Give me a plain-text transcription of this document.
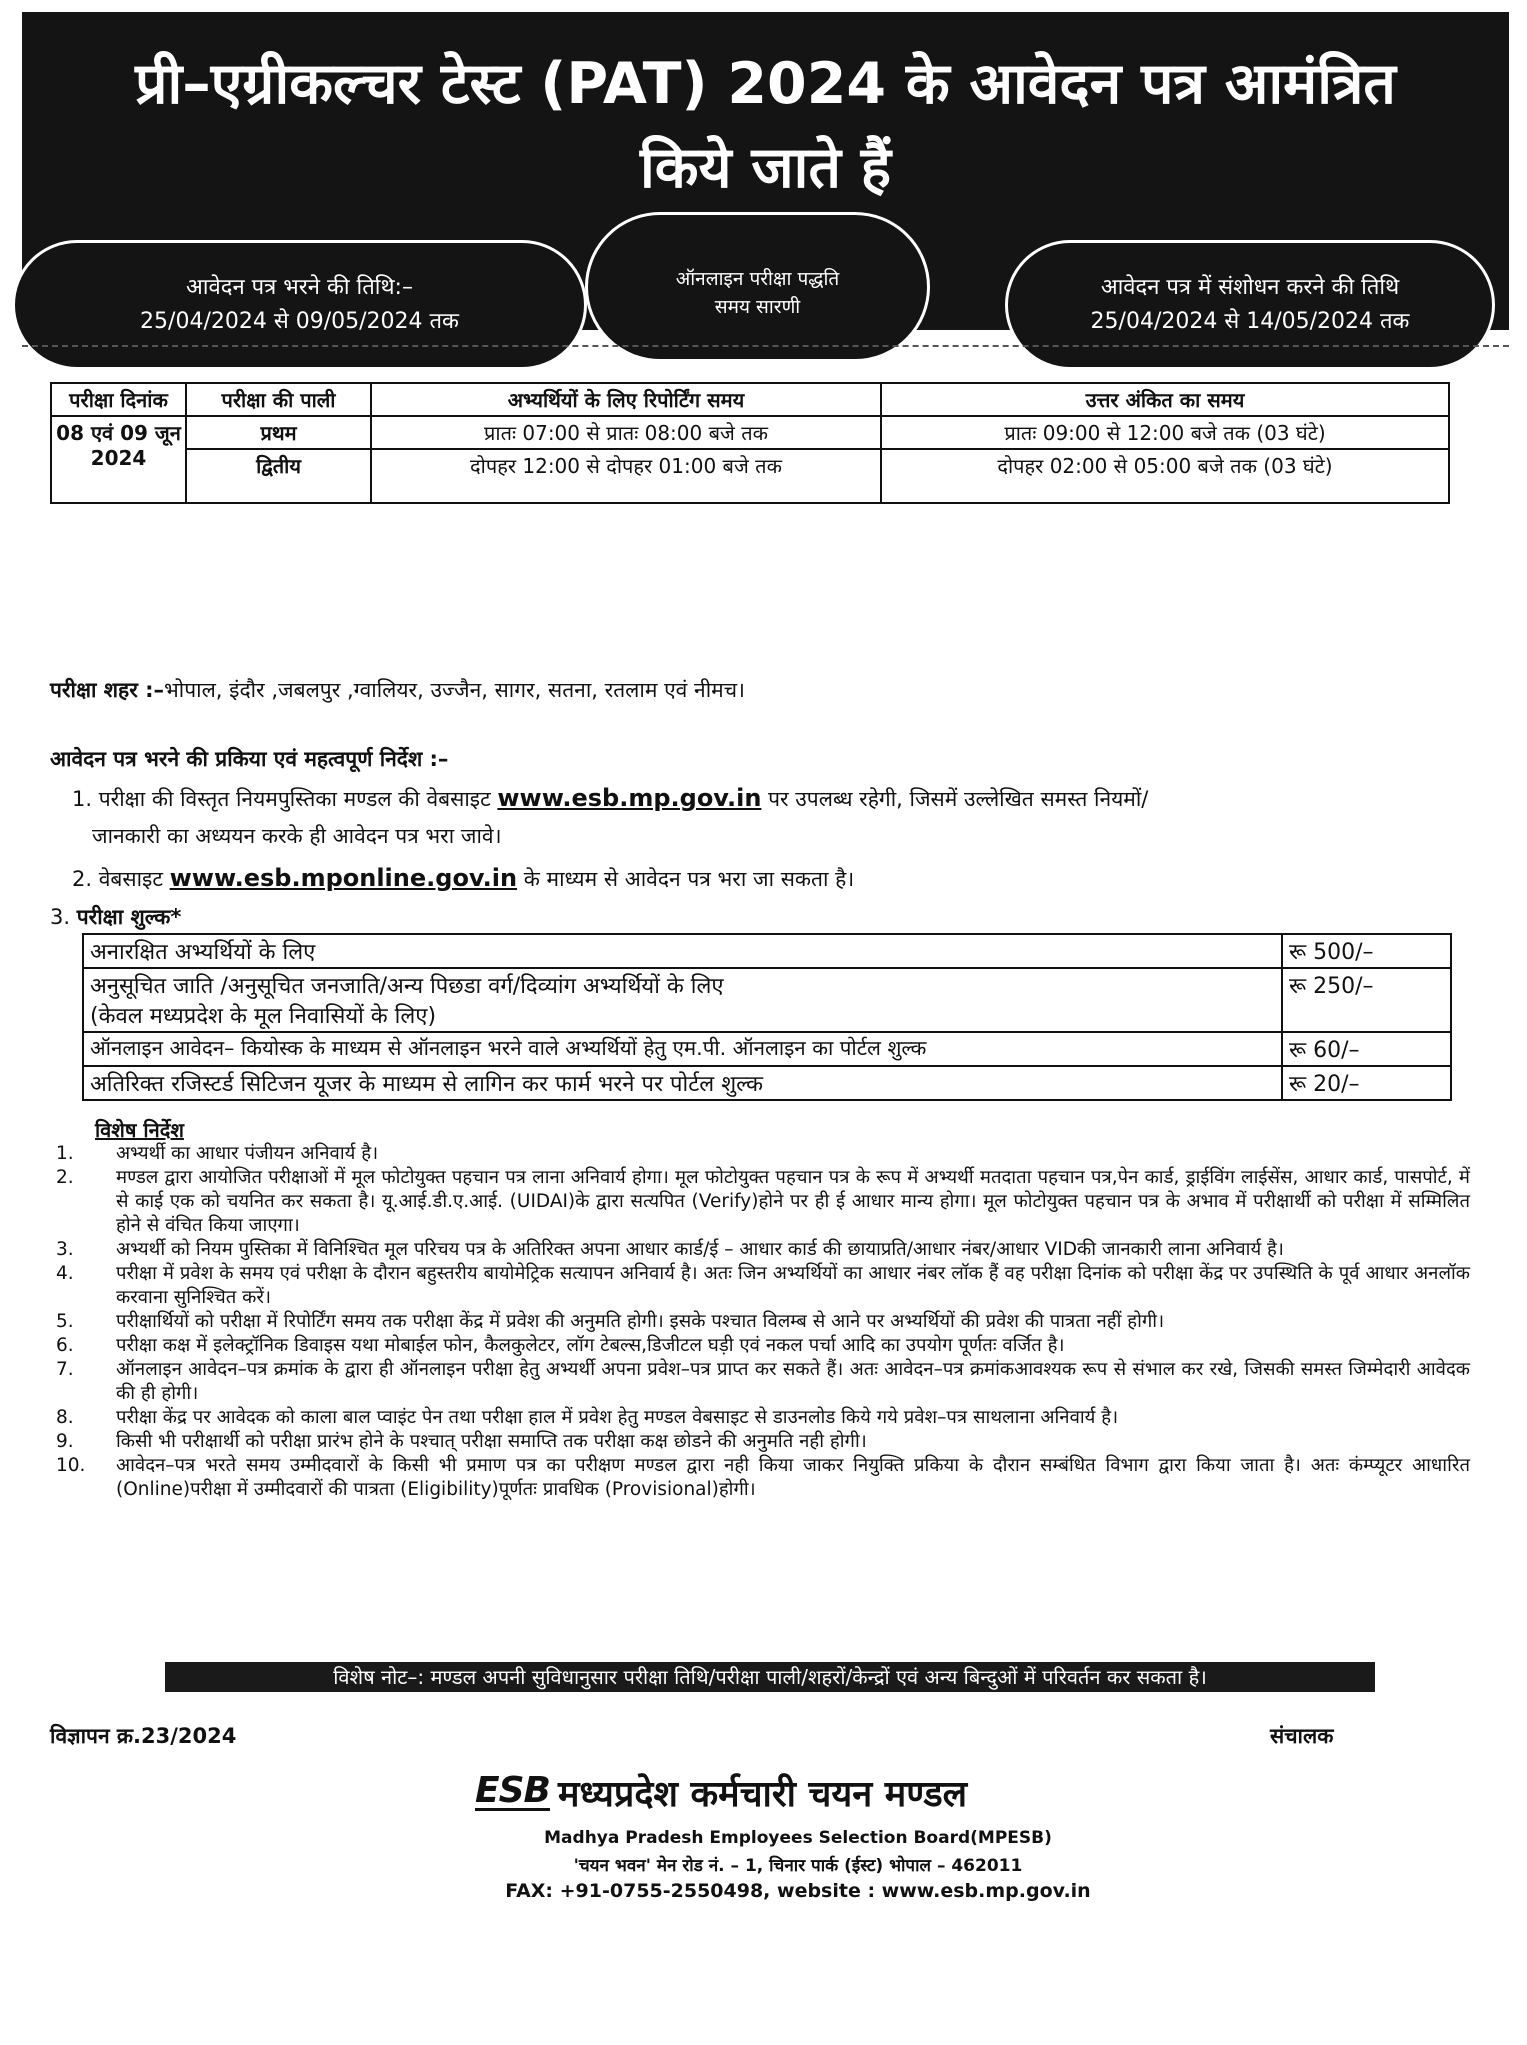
प्री–एग्रीकल्चर टेस्ट (PAT) 2024 के आवेदन पत्र आमंत्रित
किये जाते हैं
आवेदन पत्र भरने की तिथि:–
25/04/2024 से 09/05/2024 तक
ऑनलाइन परीक्षा पद्धति
समय सारणी
आवेदन पत्र में संशोधन करने की तिथि
25/04/2024 से 14/05/2024 तक
परीक्षा दिनांक	परीक्षा की पाली	अभ्यर्थियों के लिए रिपोर्टिंग समय	उत्तर अंकित का समय
08 एवं 09 जून 2024	प्रथम	प्रातः 07:00 से प्रातः 08:00 बजे तक	प्रातः 09:00 से 12:00 बजे तक (03 घंटे)
	द्वितीय	दोपहर 12:00 से दोपहर 01:00 बजे तक	दोपहर 02:00 से 05:00 बजे तक (03 घंटे)
परीक्षा शहर :–भोपाल, इंदौर ,जबलपुर ,ग्वालियर, उज्जैन, सागर, सतना, रतलाम एवं नीमच।
आवेदन पत्र भरने की प्रकिया एवं महत्वपूर्ण निर्देश :–
1. परीक्षा की विस्तृत नियमपुस्तिका मण्डल की वेबसाइट www.esb.mp.gov.in पर उपलब्ध रहेगी, जिसमें उल्लेखित समस्त नियमों/
जानकारी का अध्ययन करके ही आवेदन पत्र भरा जावे।
2. वेबसाइट www.esb.mponline.gov.in के माध्यम से आवेदन पत्र भरा जा सकता है।
3. परीक्षा शुल्क*
अनारक्षित अभ्यर्थियों के लिए	रू 500/–

अनुसूचित जाति /अनुसूचित जनजाति/अन्य पिछडा वर्ग/दिव्यांग अभ्यर्थियों के लिए
(केवल मध्यप्रदेश के मूल निवासियों के लिए)	रू 250/–
ऑनलाइन आवेदन– कियोस्क के माध्यम से ऑनलाइन भरने वाले अभ्यर्थियों हेतु एम.पी. ऑनलाइन का पोर्टल शुल्क	रू 60/–
अतिरिक्त रजिस्टर्ड सिटिजन यूजर के माध्यम से लागिन कर फार्म भरने पर पोर्टल शुल्क	रू 20/–
विशेष निर्देश
1.	अभ्यर्थी का आधार पंजीयन अनिवार्य है।
2.	मण्डल द्वारा आयोजित परीक्षाओं में मूल फोटोयुक्त पहचान पत्र लाना अनिवार्य होगा। मूल फोटोयुक्त पहचान पत्र के रूप में अभ्यर्थी मतदाता पहचान पत्र,पेन कार्ड, ड्राईविंग लाईसेंस, आधार कार्ड, पासपोर्ट, में से काई एक को चयनित कर सकता है। यू.आई.डी.ए.आई. (UIDAI)के द्वारा सत्यपित (Verify)होने पर ही ई आधार मान्य होगा। मूल फोटोयुक्त पहचान पत्र के अभाव में परीक्षार्थी को परीक्षा में सम्मिलित होने से वंचित किया जाएगा।
3.	अभ्यर्थी को नियम पुस्तिका में विनिश्चित मूल परिचय पत्र के अतिरिक्त अपना आधार कार्ड/ई – आधार कार्ड की छायाप्रति/आधार नंबर/आधार VIDकी जानकारी लाना अनिवार्य है।
4.	परीक्षा में प्रवेश के समय एवं परीक्षा के दौरान बहुस्तरीय बायोमेट्रिक सत्यापन अनिवार्य है। अतः जिन अभ्यर्थियों का आधार नंबर लॉक हैं वह परीक्षा दिनांक को परीक्षा केंद्र पर उपस्थिति के पूर्व आधार अनलॉक करवाना सुनिश्चित करें।
5.	परीक्षार्थियों को परीक्षा में रिपोर्टिंग समय तक परीक्षा केंद्र में प्रवेश की अनुमति होगी। इसके पश्चात विलम्ब से आने पर अभ्यर्थियों की प्रवेश की पात्रता नहीं होगी।
6.	परीक्षा कक्ष में इलेक्ट्रॉनिक डिवाइस यथा मोबाईल फोन, कैलकुलेटर, लॉग टेबल्स,डिजीटल घड़ी एवं नकल पर्चा आदि का उपयोग पूर्णतः वर्जित है।
7.	ऑनलाइन आवेदन–पत्र क्रमांक के द्वारा ही ऑनलाइन परीक्षा हेतु अभ्यर्थी अपना प्रवेश–पत्र प्राप्त कर सकते हैं। अतः आवेदन–पत्र क्रमांकआवश्यक रूप से संभाल कर रखे, जिसकी समस्त जिम्मेदारी आवेदक की ही होगी।
8.	परीक्षा केंद्र पर आवेदक को काला बाल प्वाइंट पेन तथा परीक्षा हाल में प्रवेश हेतु मण्डल वेबसाइट से डाउनलोड किये गये प्रवेश–पत्र साथलाना अनिवार्य है।
9.	किसी भी परीक्षार्थी को परीक्षा प्रारंभ होने के पश्चात् परीक्षा समाप्ति तक परीक्षा कक्ष छोडने की अनुमति नही होगी।
10.	आवेदन–पत्र भरते समय उम्मीदवारों के किसी भी प्रमाण पत्र का परीक्षण मण्डल द्वारा नही किया जाकर नियुक्ति प्रकिया के दौरान सम्बंधित विभाग द्वारा किया जाता है। अतः कंम्प्यूटर आधारित (Online)परीक्षा में उम्मीदवारों की पात्रता (Eligibility)पूर्णतः प्रावधिक (Provisional)होगी।
विशेष नोट–: मण्डल अपनी सुविधानुसार परीक्षा तिथि/परीक्षा पाली/शहरों/केन्द्रों एवं अन्य बिन्दुओं में परिवर्तन कर सकता है।
विज्ञापन क्र.23/2024	संचालक
ESB मध्यप्रदेश कर्मचारी चयन मण्डल
Madhya Pradesh Employees Selection Board(MPESB)
'चयन भवन' मेन रोड नं. – 1, चिनार पार्क (ईस्ट) भोपाल – 462011
FAX: +91-0755-2550498, website : www.esb.mp.gov.in
